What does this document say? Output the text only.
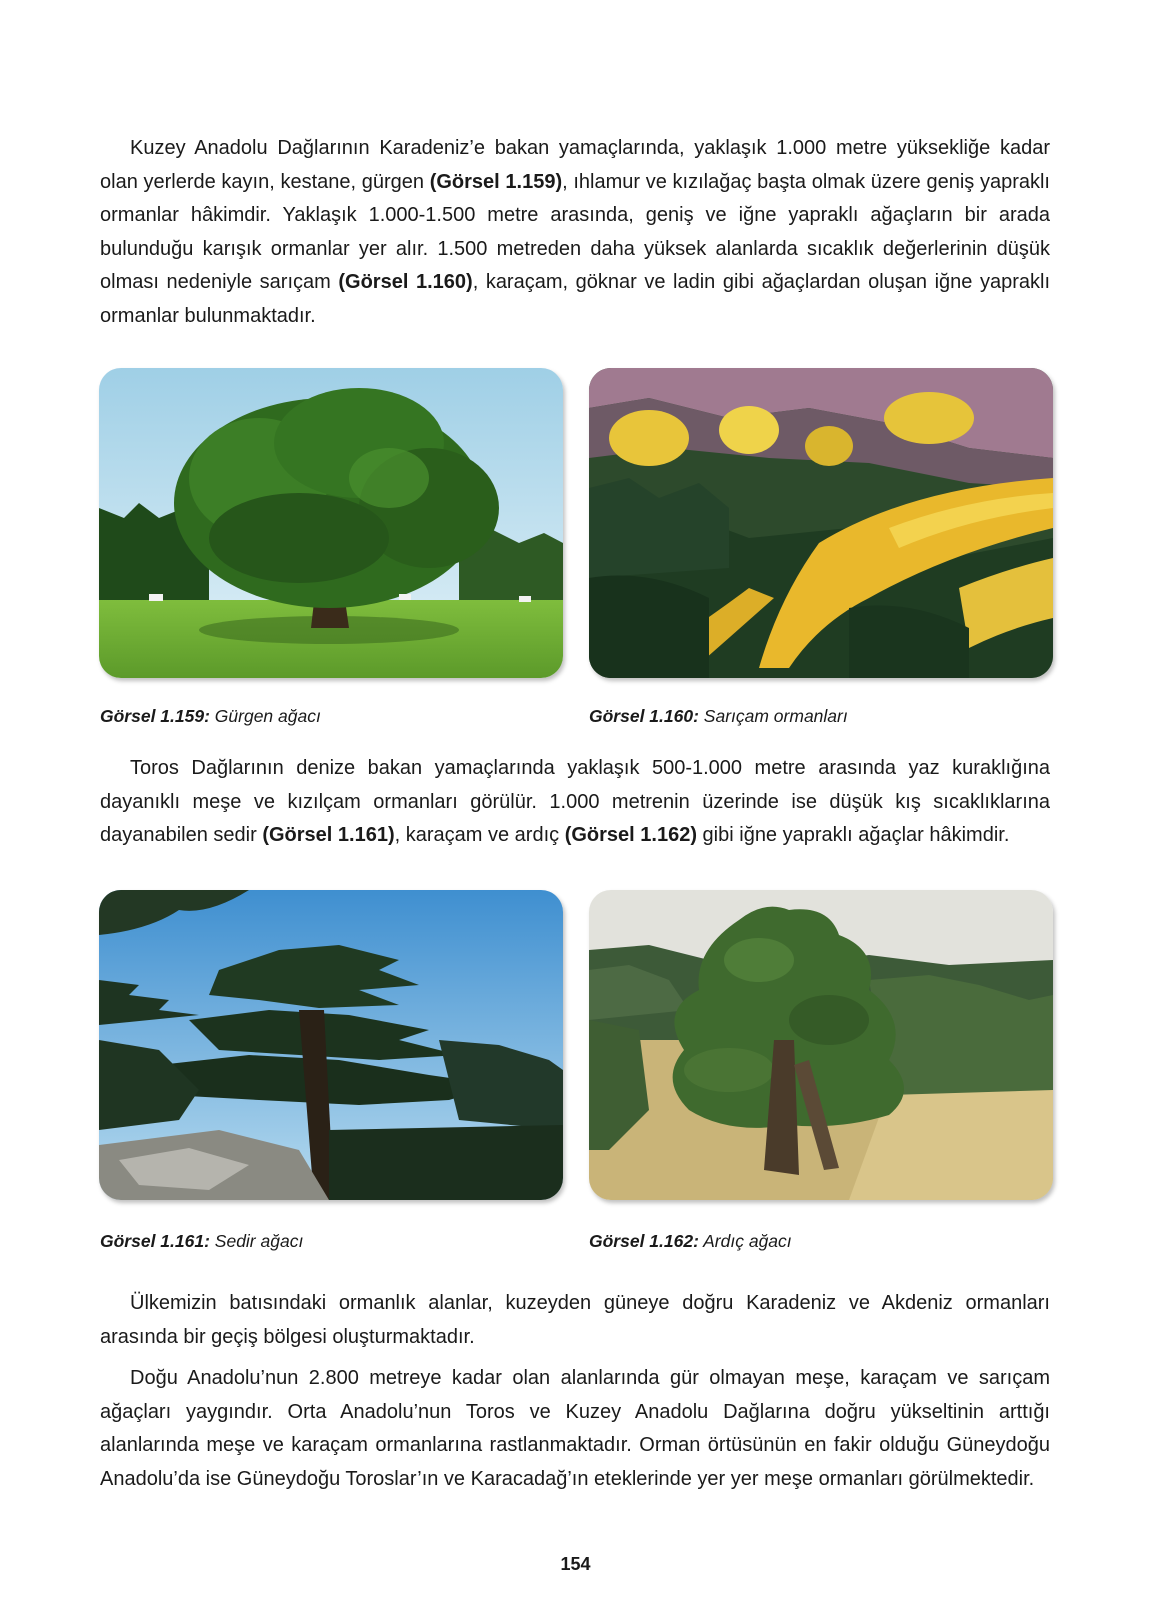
Kuzey Anadolu Dağlarının Karadeniz’e bakan yamaçlarında, yaklaşık 1.000 metre yüksekliğe kadar olan yerlerde kayın, kestane, gürgen (Görsel 1.159), ıhlamur ve kızılağaç başta olmak üzere geniş yapraklı ormanlar hâkimdir. Yaklaşık 1.000-1.500 metre arasında, geniş ve iğne yapraklı ağaçların bir arada bulunduğu karışık ormanlar yer alır. 1.500 metreden daha yüksek alanlarda sıcaklık değerlerinin düşük olması nedeniyle sarıçam (Görsel 1.160), karaçam, göknar ve ladin gibi ağaçlardan oluşan iğne yapraklı ormanlar bulunmaktadır.

Görsel 1.159: Gürgen ağacı	Görsel 1.160: Sarıçam ormanları

Toros Dağlarının denize bakan yamaçlarında yaklaşık 500-1.000 metre arasında yaz kuraklığına dayanıklı meşe ve kızılçam ormanları görülür. 1.000 metrenin üzerinde ise düşük kış sıcaklıklarına dayanabilen sedir (Görsel 1.161), karaçam ve ardıç (Görsel 1.162) gibi iğne yapraklı ağaçlar hâkimdir.

Görsel 1.161: Sedir ağacı	Görsel 1.162: Ardıç ağacı

Ülkemizin batısındaki ormanlık alanlar, kuzeyden güneye doğru Karadeniz ve Akdeniz ormanları arasında bir geçiş bölgesi oluşturmaktadır.

Doğu Anadolu’nun 2.800 metreye kadar olan alanlarında gür olmayan meşe, karaçam ve sarıçam ağaçları yaygındır. Orta Anadolu’nun Toros ve Kuzey Anadolu Dağlarına doğru yükseltinin arttığı alanlarında meşe ve karaçam ormanlarına rastlanmaktadır. Orman örtüsünün en fakir olduğu Güneydoğu Anadolu’da ise Güneydoğu Toroslar’ın ve Karacadağ’ın eteklerinde yer yer meşe ormanları görülmektedir.

154
